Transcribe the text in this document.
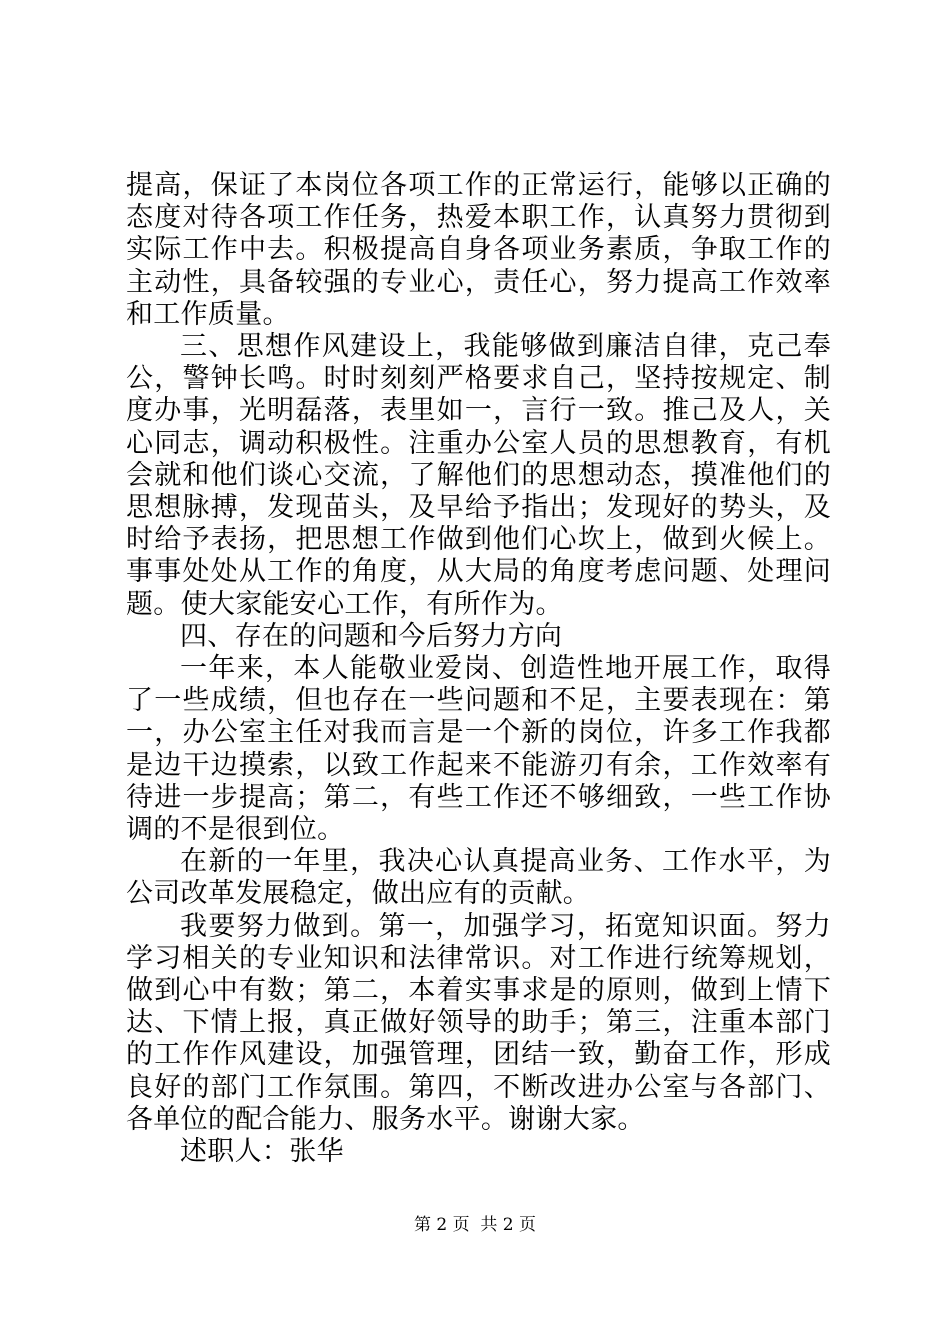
提高，保证了本岗位各项工作的正常运行，能够以正确的态度对待各项工作任务，热爱本职工作，认真努力贯彻到实际工作中去。积极提高自身各项业务素质，争取工作的主动性，具备较强的专业心，责任心，努力提高工作效率和工作质量。

三、思想作风建设上，我能够做到廉洁自律，克己奉公，警钟长鸣。时时刻刻严格要求自己，坚持按规定、制度办事，光明磊落，表里如一，言行一致。推己及人，关心同志，调动积极性。注重办公室人员的思想教育，有机会就和他们谈心交流，了解他们的思想动态，摸准他们的思想脉搏，发现苗头，及早给予指出；发现好的势头，及时给予表扬，把思想工作做到他们心坎上，做到火候上。事事处处从工作的角度，从大局的角度考虑问题、处理问题。使大家能安心工作，有所作为。

四、存在的问题和今后努力方向

一年来，本人能敬业爱岗、创造性地开展工作，取得了一些成绩，但也存在一些问题和不足，主要表现在：第一，办公室主任对我而言是一个新的岗位，许多工作我都是边干边摸索，以致工作起来不能游刃有余，工作效率有待进一步提高；第二，有些工作还不够细致，一些工作协调的不是很到位。

在新的一年里，我决心认真提高业务、工作水平，为公司改革发展稳定，做出应有的贡献。

我要努力做到。第一，加强学习，拓宽知识面。努力学习相关的专业知识和法律常识。对工作进行统筹规划，做到心中有数；第二，本着实事求是的原则，做到上情下达、下情上报，真正做好领导的助手；第三，注重本部门的工作作风建设，加强管理，团结一致，勤奋工作，形成良好的部门工作氛围。第四，不断改进办公室与各部门、各单位的配合能力、服务水平。谢谢大家。

述职人：张华

第 2 页  共 2 页
